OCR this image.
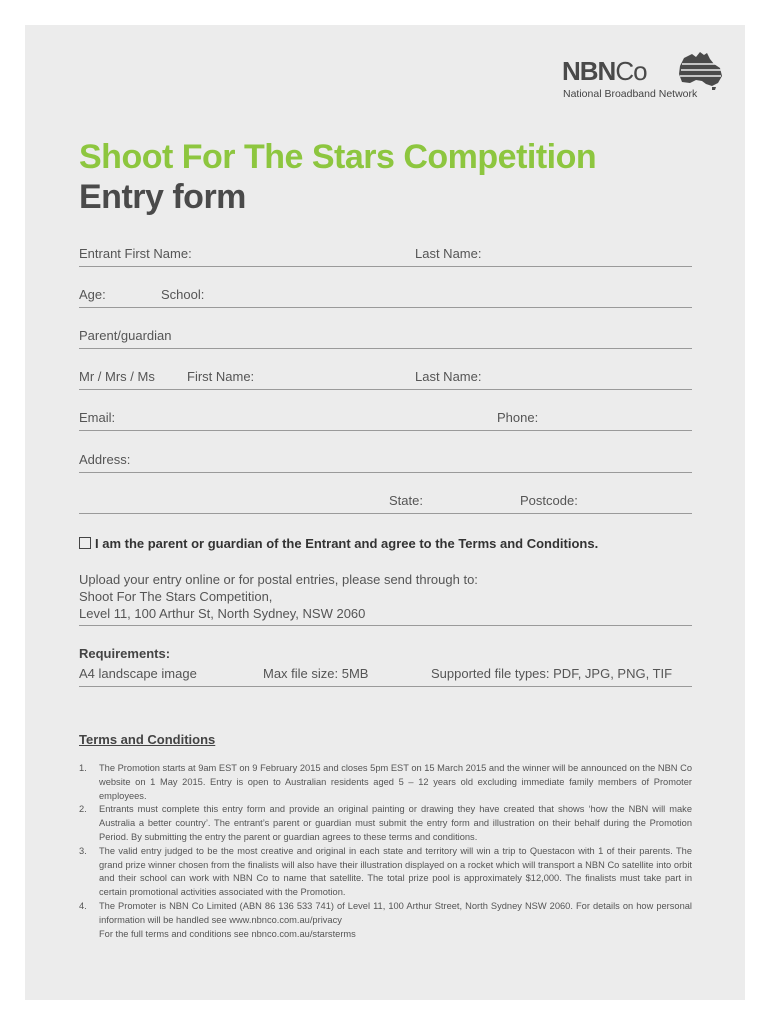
NBNCo
National Broadband Network
Shoot For The Stars Competition
Entry form
Entrant First Name:	Last Name:
Age:	School:
Parent/guardian
Mr / Mrs / Ms First Name:	Last Name:
Email:	Phone:
Address:
State:	Postcode:
I am the parent or guardian of the Entrant and agree to the Terms and Conditions.
Upload your entry online or for postal entries, please send through to:
Shoot For The Stars Competition,
Level 11, 100 Arthur St, North Sydney, NSW 2060
Requirements:
A4 landscape image	Max file size: 5MB	Supported file types: PDF, JPG, PNG, TIF
Terms and Conditions
1. The Promotion starts at 9am EST on 9 February 2015 and closes 5pm EST on 15 March 2015 and the winner will be announced on the NBN Co website on 1 May 2015. Entry is open to Australian residents aged 5 – 12 years old excluding immediate family members of Promoter employees.
2. Entrants must complete this entry form and provide an original painting or drawing they have created that shows ‘how the NBN will make Australia a better country’. The entrant’s parent or guardian must submit the entry form and illustration on their behalf during the Promotion Period. By submitting the entry the parent or guardian agrees to these terms and conditions.
3. The valid entry judged to be the most creative and original in each state and territory will win a trip to Questacon with 1 of their parents. The grand prize winner chosen from the finalists will also have their illustration displayed on a rocket which will transport a NBN Co satellite into orbit and their school can work with NBN Co to name that satellite. The total prize pool is approximately $12,000. The finalists must take part in certain promotional activities associated with the Promotion.
4. The Promoter is NBN Co Limited (ABN 86 136 533 741) of Level 11, 100 Arthur Street, North Sydney NSW 2060. For details on how personal information will be handled see www.nbnco.com.au/privacy
For the full terms and conditions see nbnco.com.au/starsterms
